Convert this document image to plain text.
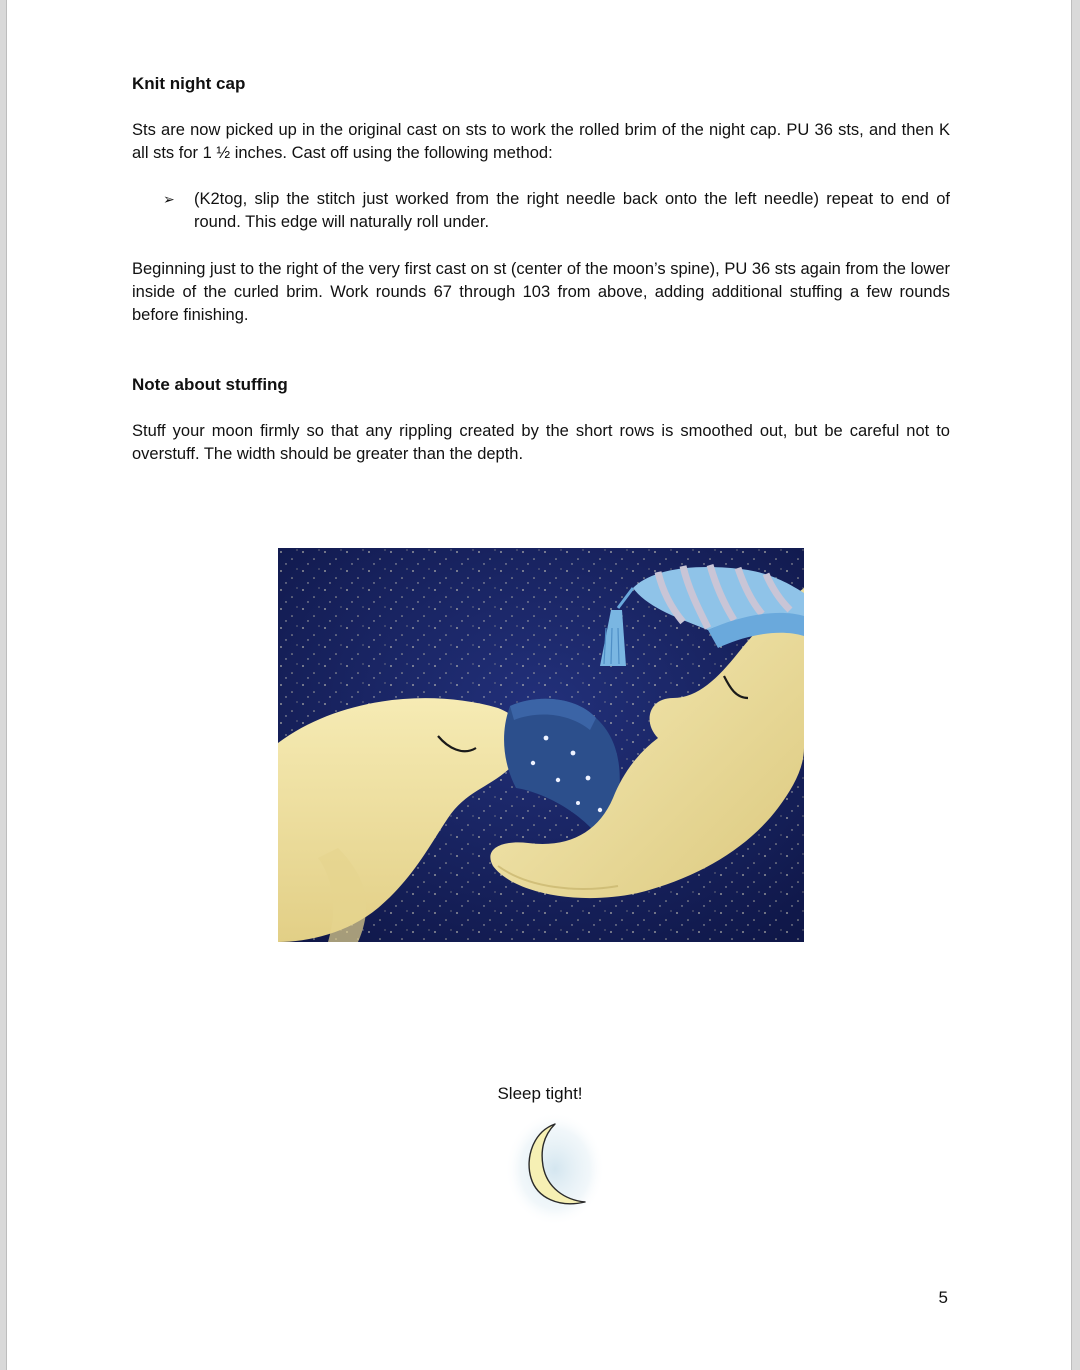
Knit night cap
Sts are now picked up in the original cast on sts to work the rolled brim of the night cap. PU 36 sts, and then K all sts for 1 ½ inches. Cast off using the following method:
➢	(K2tog, slip the stitch just worked from the right needle back onto the left needle) repeat to end of round. This edge will naturally roll under.
Beginning just to the right of the very first cast on st (center of the moon’s spine), PU 36 sts again from the lower inside of the curled brim. Work rounds 67 through 103 from above, adding additional stuffing a few rounds before finishing.
Note about stuffing
Stuff your moon firmly so that any rippling created by the short rows is smoothed out, but be careful not to overstuff. The width should be greater than the depth.
Sleep tight!
5
